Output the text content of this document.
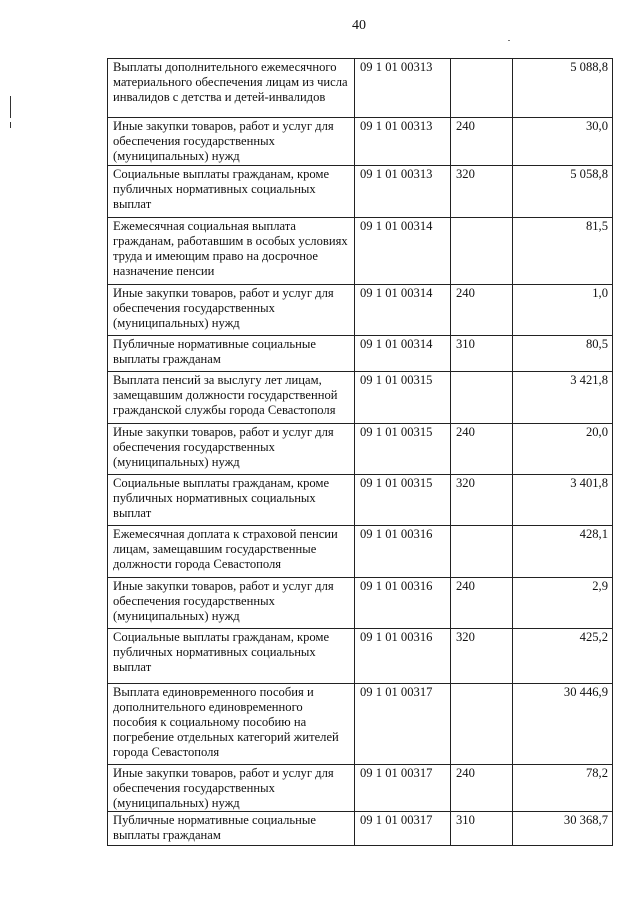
40
Выплаты дополнительного ежемесячного материального обеспечения лицам из числа инвалидов с детства и детей-инвалидов	09 1 01 00313		5 088,8
Иные закупки товаров, работ и услуг для обеспечения государственных (муниципальных) нужд	09 1 01 00313	240	30,0
Социальные выплаты гражданам, кроме публичных нормативных социальных выплат	09 1 01 00313	320	5 058,8
Ежемесячная социальная выплата гражданам, работавшим в особых условиях труда и имеющим право на досрочное назначение пенсии	09 1 01 00314		81,5
Иные закупки товаров, работ и услуг для обеспечения государственных (муниципальных) нужд	09 1 01 00314	240	1,0
Публичные нормативные социальные выплаты гражданам	09 1 01 00314	310	80,5
Выплата пенсий за выслугу лет лицам, замещавшим должности государственной гражданской службы города Севастополя	09 1 01 00315		3 421,8
Иные закупки товаров, работ и услуг для обеспечения государственных (муниципальных) нужд	09 1 01 00315	240	20,0
Социальные выплаты гражданам, кроме публичных нормативных социальных выплат	09 1 01 00315	320	3 401,8
Ежемесячная доплата к страховой пенсии лицам, замещавшим государственные должности города Севастополя	09 1 01 00316		428,1
Иные закупки товаров, работ и услуг для обеспечения государственных (муниципальных) нужд	09 1 01 00316	240	2,9
Социальные выплаты гражданам, кроме публичных нормативных социальных выплат	09 1 01 00316	320	425,2
Выплата единовременного пособия и дополнительного единовременного пособия к социальному пособию на погребение отдельных категорий жителей города Севастополя	09 1 01 00317		30 446,9
Иные закупки товаров, работ и услуг для обеспечения государственных (муниципальных) нужд	09 1 01 00317	240	78,2
Публичные нормативные социальные выплаты гражданам	09 1 01 00317	310	30 368,7
